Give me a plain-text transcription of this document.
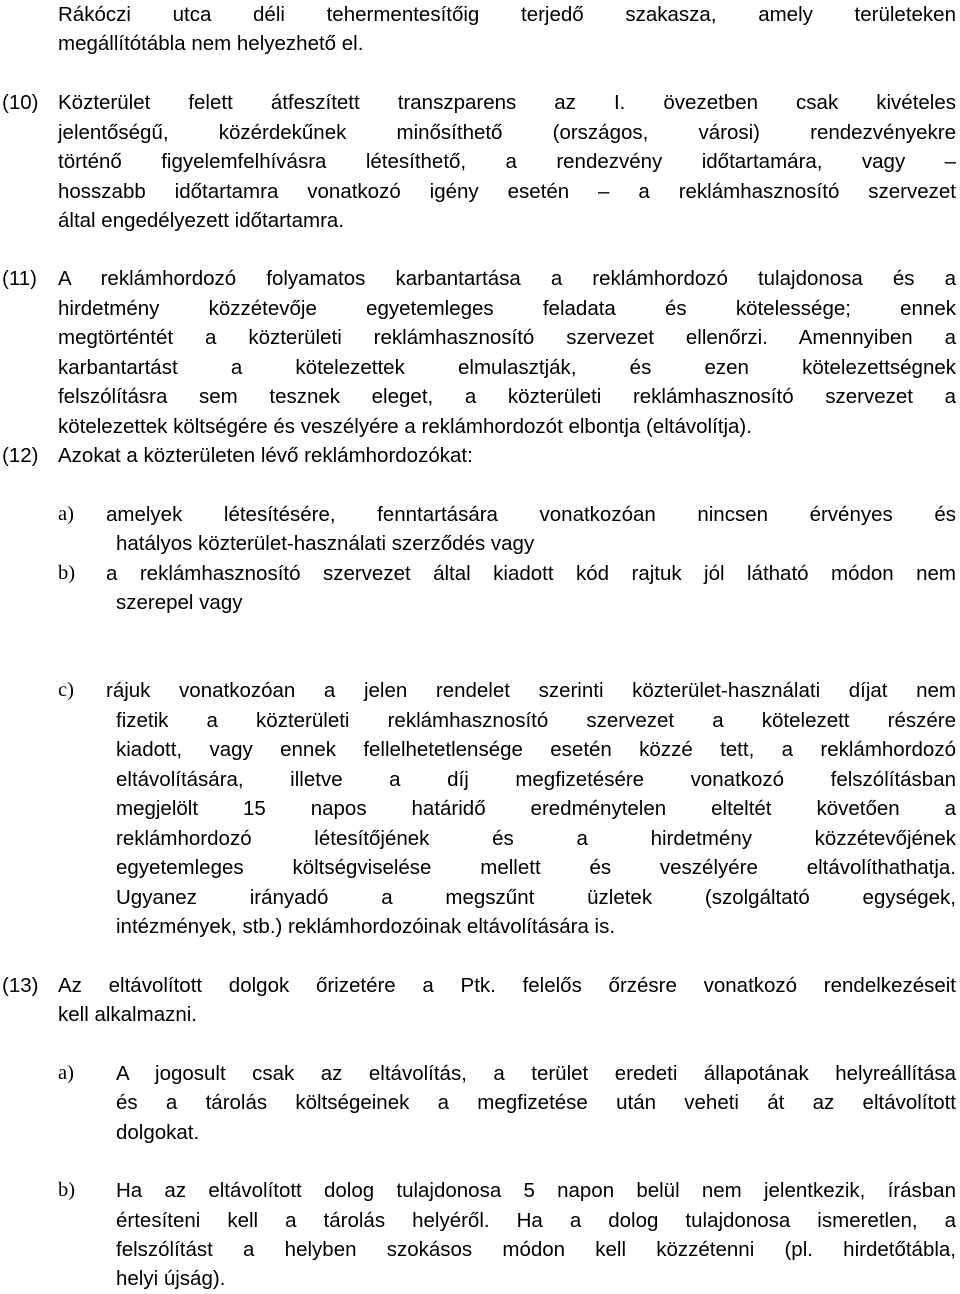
Rákóczi utca déli tehermentesítőig terjedő szakasza, amely területeken
megállítótábla nem helyezhető el.
(10) Közterület felett átfeszített transzparens az I. övezetben csak kivételes
jelentőségű, közérdekűnek minősíthető (országos, városi) rendezvényekre
történő figyelemfelhívásra létesíthető, a rendezvény időtartamára, vagy –
hosszabb időtartamra vonatkozó igény esetén – a reklámhasznosító szervezet
által engedélyezett időtartamra.
(11) A reklámhordozó folyamatos karbantartása a reklámhordozó tulajdonosa és a
hirdetmény közzétevője egyetemleges feladata és kötelessége; ennek
megtörténtét a közterületi reklámhasznosító szervezet ellenőrzi. Amennyiben a
karbantartást a kötelezettek elmulasztják, és ezen kötelezettségnek
felszólításra sem tesznek eleget, a közterületi reklámhasznosító szervezet a
kötelezettek költségére és veszélyére a reklámhordozót elbontja (eltávolítja).
(12) Azokat a közterületen lévő reklámhordozókat:
a) amelyek létesítésére, fenntartására vonatkozóan nincsen érvényes és
hatályos közterület-használati szerződés vagy
b) a reklámhasznosító szervezet által kiadott kód rajtuk jól látható módon nem
szerepel vagy
c) rájuk vonatkozóan a jelen rendelet szerinti közterület-használati díjat nem
fizetik a közterületi reklámhasznosító szervezet a kötelezett részére
kiadott, vagy ennek fellelhetetlensége esetén közzé tett, a reklámhordozó
eltávolítására, illetve a díj megfizetésére vonatkozó felszólításban
megjelölt 15 napos határidő eredménytelen elteltét követően a
reklámhordozó létesítőjének és a hirdetmény közzétevőjének
egyetemleges költségviselése mellett és veszélyére eltávolíthathatja.
Ugyanez irányadó a megszűnt üzletek (szolgáltató egységek,
intézmények, stb.) reklámhordozóinak eltávolítására is.
(13) Az eltávolított dolgok őrizetére a Ptk. felelős őrzésre vonatkozó rendelkezéseit
kell alkalmazni.
a) A jogosult csak az eltávolítás, a terület eredeti állapotának helyreállítása
és a tárolás költségeinek a megfizetése után veheti át az eltávolított
dolgokat.
b) Ha az eltávolított dolog tulajdonosa 5 napon belül nem jelentkezik, írásban
értesíteni kell a tárolás helyéről. Ha a dolog tulajdonosa ismeretlen, a
felszólítást a helyben szokásos módon kell közzétenni (pl. hirdetőtábla,
helyi újság).
